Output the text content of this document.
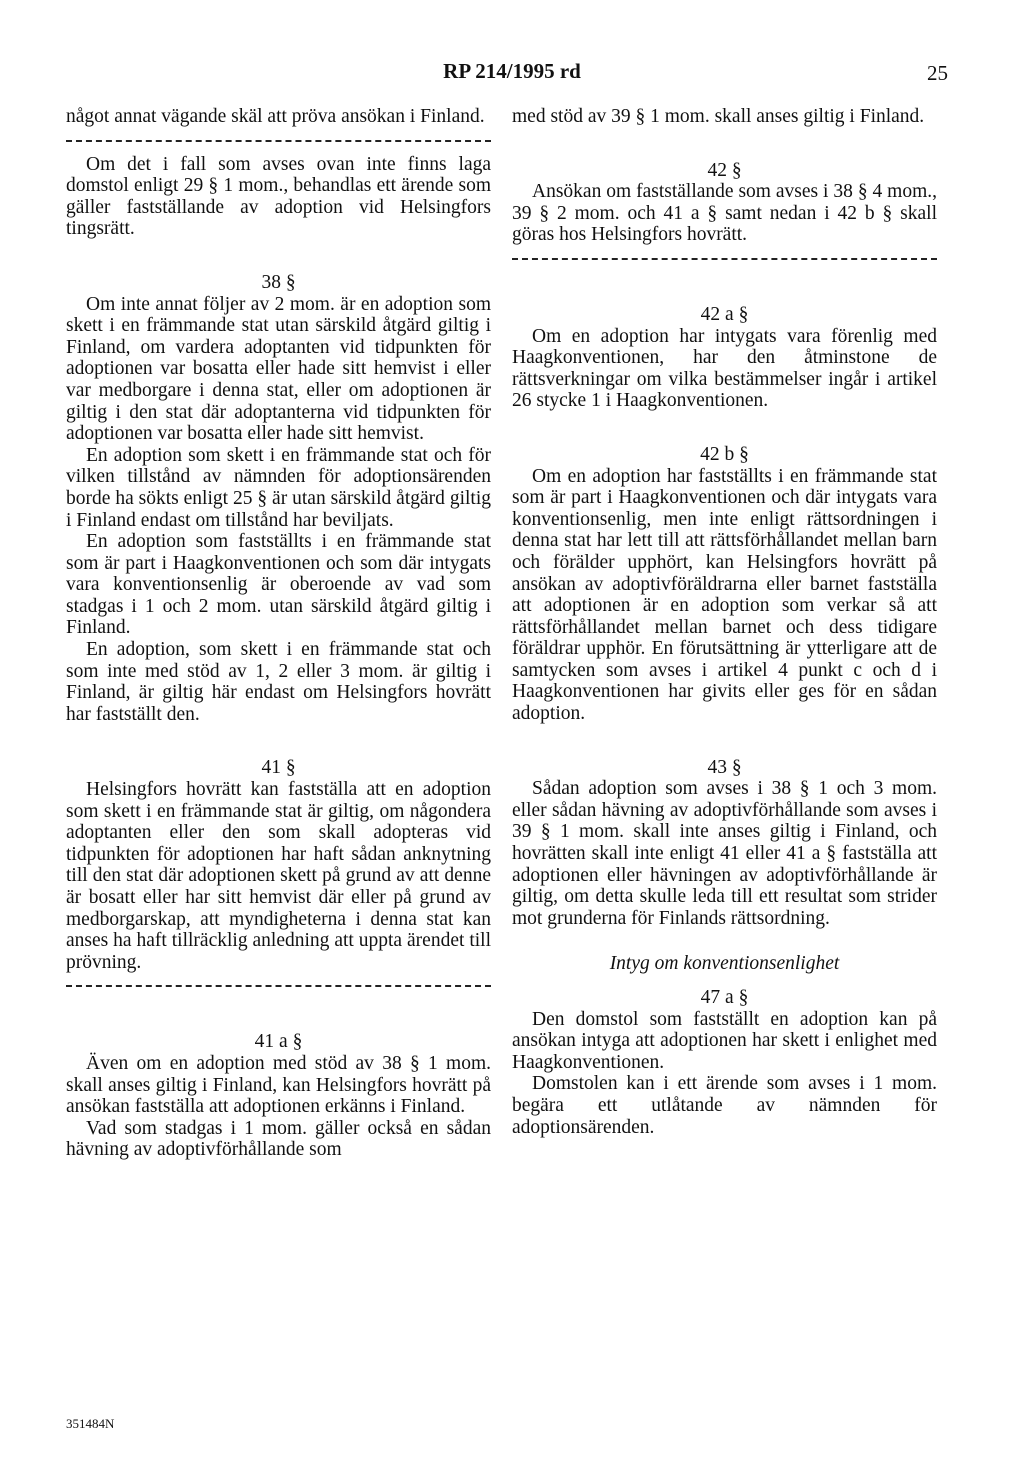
RP 214/1995 rd	25

något annat vägande skäl att pröva ansökan i Finland.

Om det i fall som avses ovan inte finns laga domstol enligt 29 § 1 mom., behandlas ett ärende som gäller fastställande av adoption vid Helsingfors tingsrätt.

38 §

Om inte annat följer av 2 mom. är en adoption som skett i en främmande stat utan särskild åtgärd giltig i Finland, om vardera adoptanten vid tidpunkten för adoptionen var bosatta eller hade sitt hemvist i eller var medborgare i denna stat, eller om adoptionen är giltig i den stat där adoptanterna vid tidpunkten för adoptionen var bosatta eller hade sitt hemvist.

En adoption som skett i en främmande stat och för vilken tillstånd av nämnden för adoptionsärenden borde ha sökts enligt 25 § är utan särskild åtgärd giltig i Finland endast om tillstånd har beviljats.

En adoption som fastställts i en främmande stat som är part i Haagkonventionen och som där intygats vara konventionsenlig är oberoende av vad som stadgas i 1 och 2 mom. utan särskild åtgärd giltig i Finland.

En adoption, som skett i en främmande stat och som inte med stöd av 1, 2 eller 3 mom. är giltig i Finland, är giltig här endast om Helsingfors hovrätt har fastställt den.

41 §

Helsingfors hovrätt kan fastställa att en adoption som skett i en främmande stat är giltig, om någondera adoptanten eller den som skall adopteras vid tidpunkten för adoptionen har haft sådan anknytning till den stat där adoptionen skett på grund av att denne är bosatt eller har sitt hemvist där eller på grund av medborgarskap, att myndigheterna i denna stat kan anses ha haft tillräcklig anledning att uppta ärendet till prövning.

41 a §

Även om en adoption med stöd av 38 § 1 mom. skall anses giltig i Finland, kan Helsingfors hovrätt på ansökan fastställa att adoptionen erkänns i Finland.

Vad som stadgas i 1 mom. gäller också en sådan hävning av adoptivförhållande som

med stöd av 39 § 1 mom. skall anses giltig i Finland.

42 §

Ansökan om fastställande som avses i 38 § 4 mom., 39 § 2 mom. och 41 a § samt nedan i 42 b § skall göras hos Helsingfors hovrätt.

42 a §

Om en adoption har intygats vara förenlig med Haagkonventionen, har den åtminstone de rättsverkningar om vilka bestämmelser ingår i artikel 26 stycke 1 i Haagkonventionen.

42 b §

Om en adoption har fastställts i en främmande stat som är part i Haagkonventionen och där intygats vara konventionsenlig, men inte enligt rättsordningen i denna stat har lett till att rättsförhållandet mellan barn och förälder upphört, kan Helsingfors hovrätt på ansökan av adoptivföräldrarna eller barnet fastställa att adoptionen är en adoption som verkar så att rättsförhållandet mellan barnet och dess tidigare föräldrar upphör. En förutsättning är ytterligare att de samtycken som avses i artikel 4 punkt c och d i Haagkonventionen har givits eller ges för en sådan adoption.

43 §

Sådan adoption som avses i 38 § 1 och 3 mom. eller sådan hävning av adoptivförhållande som avses i 39 § 1 mom. skall inte anses giltig i Finland, och hovrätten skall inte enligt 41 eller 41 a § fastställa att adoptionen eller hävningen av adoptivförhållande är giltig, om detta skulle leda till ett resultat som strider mot grunderna för Finlands rättsordning.

Intyg om konventionsenlighet

47 a §

Den domstol som fastställt en adoption kan på ansökan intyga att adoptionen har skett i enlighet med Haagkonventionen.

Domstolen kan i ett ärende som avses i 1 mom. begära ett utlåtande av nämnden för adoptionsärenden.

351484N
